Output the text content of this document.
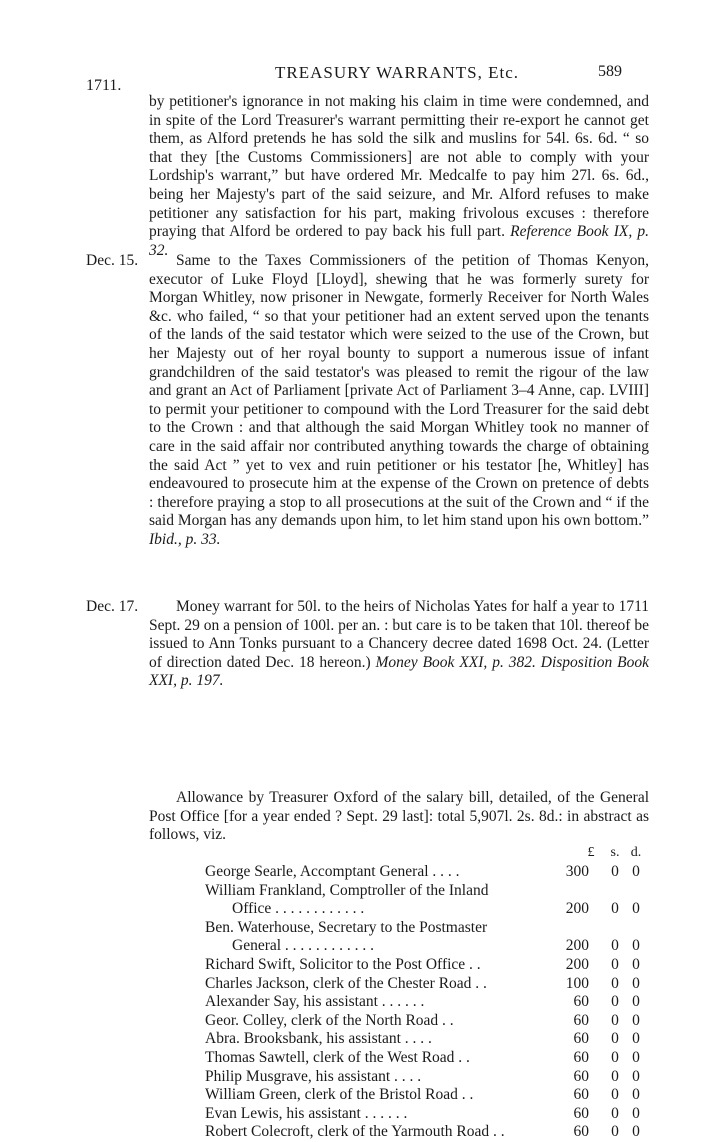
1711.
TREASURY WARRANTS, Etc.	589

by petitioner's ignorance in not making his claim in time were condemned, and in spite of the Lord Treasurer's warrant permitting their re-export he cannot get them, as Alford pretends he has sold the silk and muslins for 54l. 6s. 6d. “ so that they [the Customs Commissioners] are not able to comply with your Lordship's warrant,” but have ordered Mr. Medcalfe to pay him 27l. 6s. 6d., being her Majesty's part of the said seizure, and Mr. Alford refuses to make petitioner any satisfaction for his part, making frivolous excuses : therefore praying that Alford be ordered to pay back his full part. Reference Book IX, p. 32.

Dec. 15.	Same to the Taxes Commissioners of the petition of Thomas Kenyon, executor of Luke Floyd [Lloyd], shewing that he was formerly surety for Morgan Whitley, now prisoner in Newgate, formerly Receiver for North Wales &c. who failed, “ so that your petitioner had an extent served upon the tenants of the lands of the said testator which were seized to the use of the Crown, but her Majesty out of her royal bounty to support a numerous issue of infant grandchildren of the said testator's was pleased to remit the rigour of the law and grant an Act of Parliament [private Act of Parliament 3–4 Anne, cap. LVIII] to permit your petitioner to compound with the Lord Treasurer for the said debt to the Crown : and that although the said Morgan Whitley took no manner of care in the said affair nor contributed anything towards the charge of obtaining the said Act ” yet to vex and ruin petitioner or his testator [he, Whitley] has endeavoured to prosecute him at the expense of the Crown on pretence of debts : therefore praying a stop to all prosecutions at the suit of the Crown and “ if the said Morgan has any demands upon him, to let him stand upon his own bottom.” Ibid., p. 33.

Dec. 17.	Money warrant for 50l. to the heirs of Nicholas Yates for half a year to 1711 Sept. 29 on a pension of 100l. per an. : but care is to be taken that 10l. thereof be issued to Ann Tonks pursuant to a Chancery decree dated 1698 Oct. 24. (Letter of direction dated Dec. 18 hereon.) Money Book XXI, p. 382. Disposition Book XXI, p. 197.

Allowance by Treasurer Oxford of the salary bill, detailed, of the General Post Office [for a year ended ? Sept. 29 last]: total 5,907l. 2s. 8d.: in abstract as follows, viz.

£ s. d.
George Searle, Accomptant General . . . .	300 0 0
William Frankland, Comptroller of the Inland
Office . . . . . . . . . . . .	200 0 0
Ben. Waterhouse, Secretary to the Postmaster
General . . . . . . . . . . . .	200 0 0
Richard Swift, Solicitor to the Post Office . .	200 0 0
Charles Jackson, clerk of the Chester Road . .	100 0 0
Alexander Say, his assistant . . . . . .	60 0 0
Geor. Colley, clerk of the North Road . .	60 0 0
Abra. Brooksbank, his assistant . . . .	60 0 0
Thomas Sawtell, clerk of the West Road . .	60 0 0
Philip Musgrave, his assistant . . . .	60 0 0
William Green, clerk of the Bristol Road . .	60 0 0
Evan Lewis, his assistant . . . . . .	60 0 0
Robert Colecroft, clerk of the Yarmouth Road . .	60 0 0
